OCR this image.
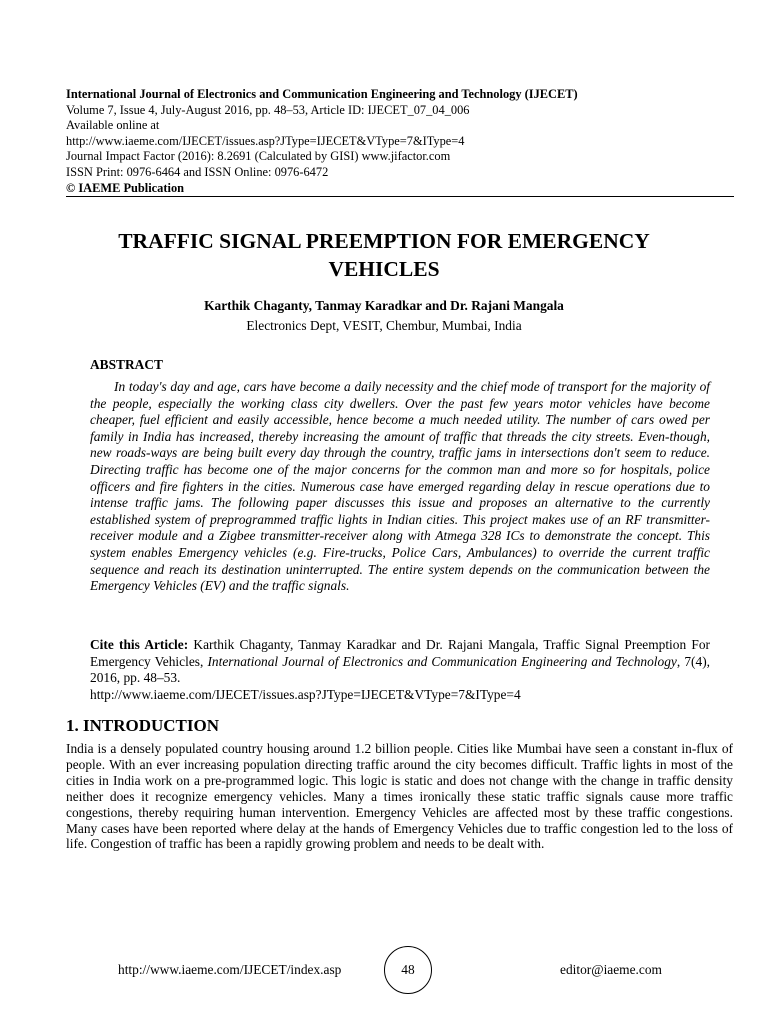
International Journal of Electronics and Communication Engineering and Technology (IJECET)
Volume 7, Issue 4, July-August 2016, pp. 48–53, Article ID: IJECET_07_04_006
Available online at
http://www.iaeme.com/IJECET/issues.asp?JType=IJECET&VType=7&IType=4
Journal Impact Factor (2016): 8.2691 (Calculated by GISI) www.jifactor.com
ISSN Print: 0976-6464 and ISSN Online: 0976-6472
© IAEME Publication
TRAFFIC SIGNAL PREEMPTION FOR EMERGENCY
VEHICLES
Karthik Chaganty, Tanmay Karadkar and Dr. Rajani Mangala
Electronics Dept, VESIT, Chembur, Mumbai, India
ABSTRACT

In today's day and age, cars have become a daily necessity and the chief mode of transport for the majority of the people, especially the working class city dwellers. Over the past few years motor vehicles have become cheaper, fuel efficient and easily accessible, hence become a much needed utility. The number of cars owed per family in India has increased, thereby increasing the amount of traffic that threads the city streets. Even-though, new roads-ways are being built every day through the country, traffic jams in intersections don't seem to reduce. Directing traffic has become one of the major concerns for the common man and more so for hospitals, police officers and fire fighters in the cities. Numerous case have emerged regarding delay in rescue operations due to intense traffic jams. The following paper discusses this issue and proposes an alternative to the currently established system of preprogrammed traffic lights in Indian cities. This project makes use of an RF transmitter-receiver module and a Zigbee transmitter-receiver along with Atmega 328 ICs to demonstrate the concept. This system enables Emergency vehicles (e.g. Fire-trucks, Police Cars, Ambulances) to override the current traffic sequence and reach its destination uninterrupted. The entire system depends on the communication between the Emergency Vehicles (EV) and the traffic signals.

Cite this Article: Karthik Chaganty, Tanmay Karadkar and Dr. Rajani Mangala, Traffic Signal Preemption For Emergency Vehicles, International Journal of Electronics and Communication Engineering and Technology, 7(4), 2016, pp. 48–53.
http://www.iaeme.com/IJECET/issues.asp?JType=IJECET&VType=7&IType=4

1. INTRODUCTION

India is a densely populated country housing around 1.2 billion people. Cities like Mumbai have seen a constant in-flux of people. With an ever increasing population directing traffic around the city becomes difficult. Traffic lights in most of the cities in India work on a pre-programmed logic. This logic is static and does not change with the change in traffic density neither does it recognize emergency vehicles. Many a times ironically these static traffic signals cause more traffic congestions, thereby requiring human intervention. Emergency Vehicles are affected most by these traffic congestions. Many cases have been reported where delay at the hands of Emergency Vehicles due to traffic congestion led to the loss of life. Congestion of traffic has been a rapidly growing problem and needs to be dealt with.

http://www.iaeme.com/IJECET/index.asp	48	editor@iaeme.com
